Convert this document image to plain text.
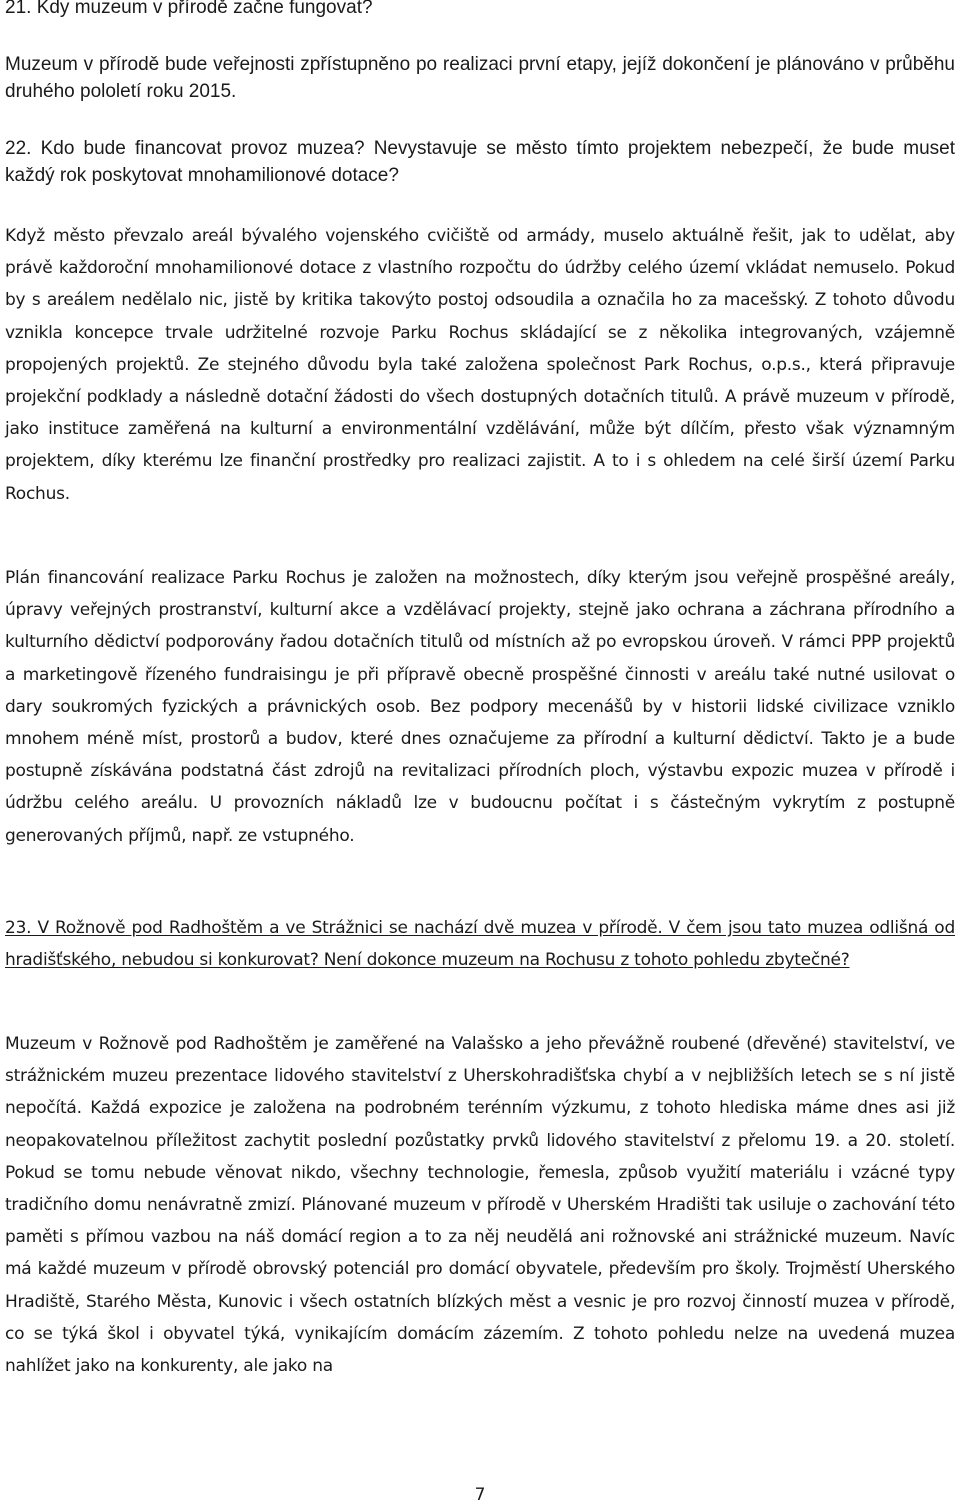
21. Kdy muzeum v přírodě začne fungovat?

Muzeum v přírodě bude veřejnosti zpřístupněno po realizaci první etapy, jejíž dokončení je plánováno v průběhu druhého pololetí roku 2015.

22. Kdo bude financovat provoz muzea? Nevystavuje se město tímto projektem nebezpečí, že bude muset každý rok poskytovat mnohamilionové dotace?

Když město převzalo areál bývalého vojenského cvičiště od armády, muselo aktuálně řešit, jak to udělat, aby právě každoroční mnohamilionové dotace z vlastního rozpočtu do údržby celého území vkládat nemuselo. Pokud by s areálem nedělalo nic, jistě by kritika takovýto postoj odsoudila a označila ho za macešský. Z tohoto důvodu vznikla koncepce trvale udržitelné rozvoje Parku Rochus skládající se z několika integrovaných, vzájemně propojených projektů. Ze stejného důvodu byla také založena společnost Park Rochus, o.p.s., která připravuje projekční podklady a následně dotační žádosti do všech dostupných dotačních titulů. A právě muzeum v přírodě, jako instituce zaměřená na kulturní a environmentální vzdělávání, může být dílčím, přesto však významným projektem, díky kterému lze finanční prostředky pro realizaci zajistit. A to i s ohledem na celé širší území Parku Rochus.

Plán financování realizace Parku Rochus je založen na možnostech, díky kterým jsou veřejně prospěšné areály, úpravy veřejných prostranství, kulturní akce a vzdělávací projekty, stejně jako ochrana a záchrana přírodního a kulturního dědictví podporovány řadou dotačních titulů od místních až po evropskou úroveň. V rámci PPP projektů a marketingově řízeného fundraisingu je při přípravě obecně prospěšné činnosti v areálu také nutné usilovat o dary soukromých fyzických a právnických osob. Bez podpory mecenášů by v historii lidské civilizace vzniklo mnohem méně míst, prostorů a budov, které dnes označujeme za přírodní a kulturní dědictví. Takto je a bude postupně získávána podstatná část zdrojů na revitalizaci přírodních ploch, výstavbu expozic muzea v přírodě i údržbu celého areálu. U provozních nákladů lze v budoucnu počítat i s částečným vykrytím z postupně generovaných příjmů, např. ze vstupného.

23. V Rožnově pod Radhoštěm a ve Strážnici se nachází dvě muzea v přírodě. V čem jsou tato muzea odlišná od hradišťského, nebudou si konkurovat? Není dokonce muzeum na Rochusu z tohoto pohledu zbytečné?

Muzeum v Rožnově pod Radhoštěm je zaměřené na Valašsko a jeho převážně roubené (dřevěné) stavitelství, ve strážnickém muzeu prezentace lidového stavitelství z Uherskohradišťska chybí a v nejbližších letech se s ní jistě nepočítá. Každá expozice je založena na podrobném terénním výzkumu, z tohoto hlediska máme dnes asi již neopakovatelnou příležitost zachytit poslední pozůstatky prvků lidového stavitelství z přelomu 19. a 20. století. Pokud se tomu nebude věnovat nikdo, všechny technologie, řemesla, způsob využití materiálu i vzácné typy tradičního domu nenávratně zmizí. Plánované muzeum v přírodě v Uherském Hradišti tak usiluje o zachování této paměti s přímou vazbou na náš domácí region a to za něj neudělá ani rožnovské ani strážnické muzeum. Navíc má každé muzeum v přírodě obrovský potenciál pro domácí obyvatele, především pro školy. Trojměstí Uherského Hradiště, Starého Města, Kunovic i všech ostatních blízkých měst a vesnic je pro rozvoj činností muzea v přírodě, co se týká škol i obyvatel týká, vynikajícím domácím zázemím. Z tohoto pohledu nelze na uvedená muzea nahlížet jako na konkurenty, ale jako na

7
